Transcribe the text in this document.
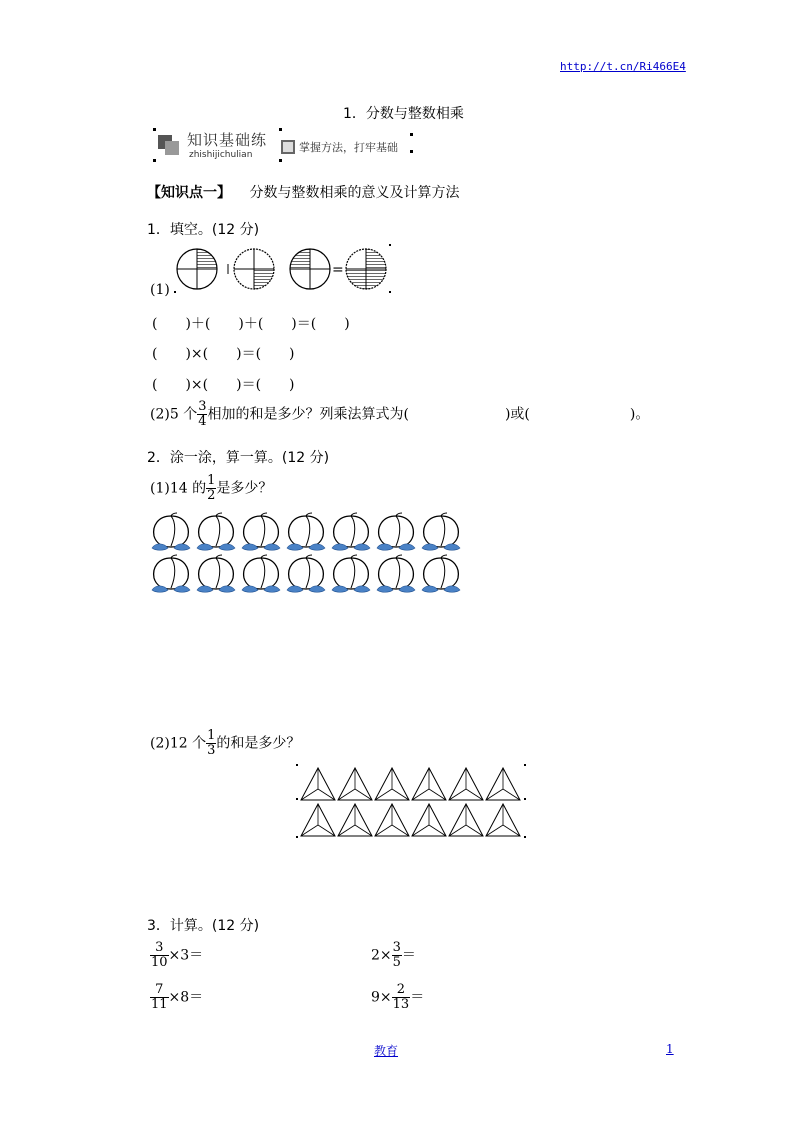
http://t.cn/Ri466E4
1．分数与整数相乘
知识基础练
zhishijichulian
掌握方法，打牢基础
【知识点一】 分数与整数相乘的意义及计算方法
1．填空。(12 分)
(1)
=
(　　)＋(　　)＋(　　)＝(　　)
(　　)×(　　)＝(　　)
(　　)×(　　)＝(　　)
(2)5 个 $\frac{3}{4}$ 相加的和是多少？列乘法算式为(	)或(	)。
2．涂一涂，算一算。(12 分)
(1)14 的 $\frac{1}{2}$ 是多少？
(2)12 个 $\frac{1}{3}$ 的和是多少？
3．计算。(12 分)
$\frac{3}{10} \times 3=$	$2\times \frac{3}{5}$ ＝
$\frac{7}{11} \times 8=$	$9\times \frac{2}{13}$ ＝
教育	1
